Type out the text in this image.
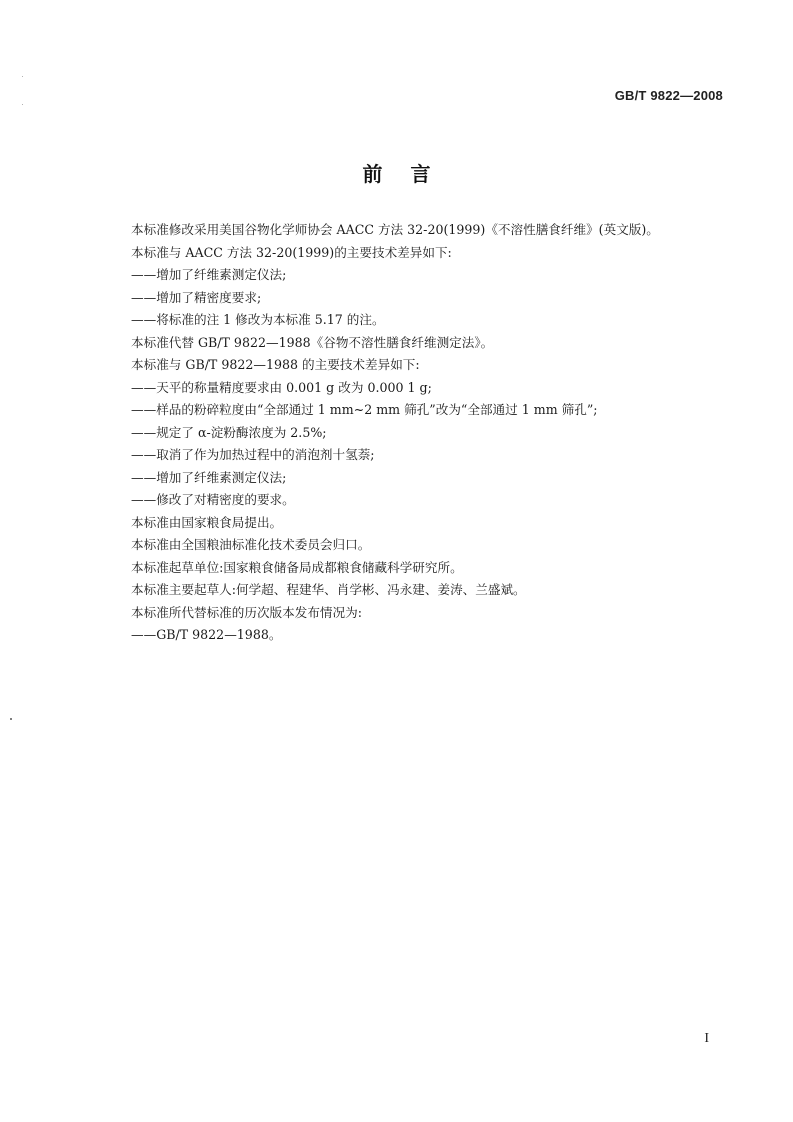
GB/T 9822—2008
前言
本标准修改采用美国谷物化学师协会 AACC 方法 32-20(1999)《不溶性膳食纤维》(英文版)。
本标准与 AACC 方法 32-20(1999)的主要技术差异如下:
——增加了纤维素测定仪法;
——增加了精密度要求;
——将标准的注 1 修改为本标准 5.17 的注。
本标准代替 GB/T 9822—1988《谷物不溶性膳食纤维测定法》。
本标准与 GB/T 9822—1988 的主要技术差异如下:
——天平的称量精度要求由 0.001 g 改为 0.000 1 g;
——样品的粉碎粒度由“全部通过 1 mm~2 mm 筛孔”改为“全部通过 1 mm 筛孔”;
——规定了 α-淀粉酶浓度为 2.5%;
——取消了作为加热过程中的消泡剂十氢萘;
——增加了纤维素测定仪法;
——修改了对精密度的要求。
本标准由国家粮食局提出。
本标准由全国粮油标准化技术委员会归口。
本标准起草单位:国家粮食储备局成都粮食储藏科学研究所。
本标准主要起草人:何学超、程建华、肖学彬、冯永建、姜涛、兰盛斌。
本标准所代替标准的历次版本发布情况为:
——GB/T 9822—1988。
I
